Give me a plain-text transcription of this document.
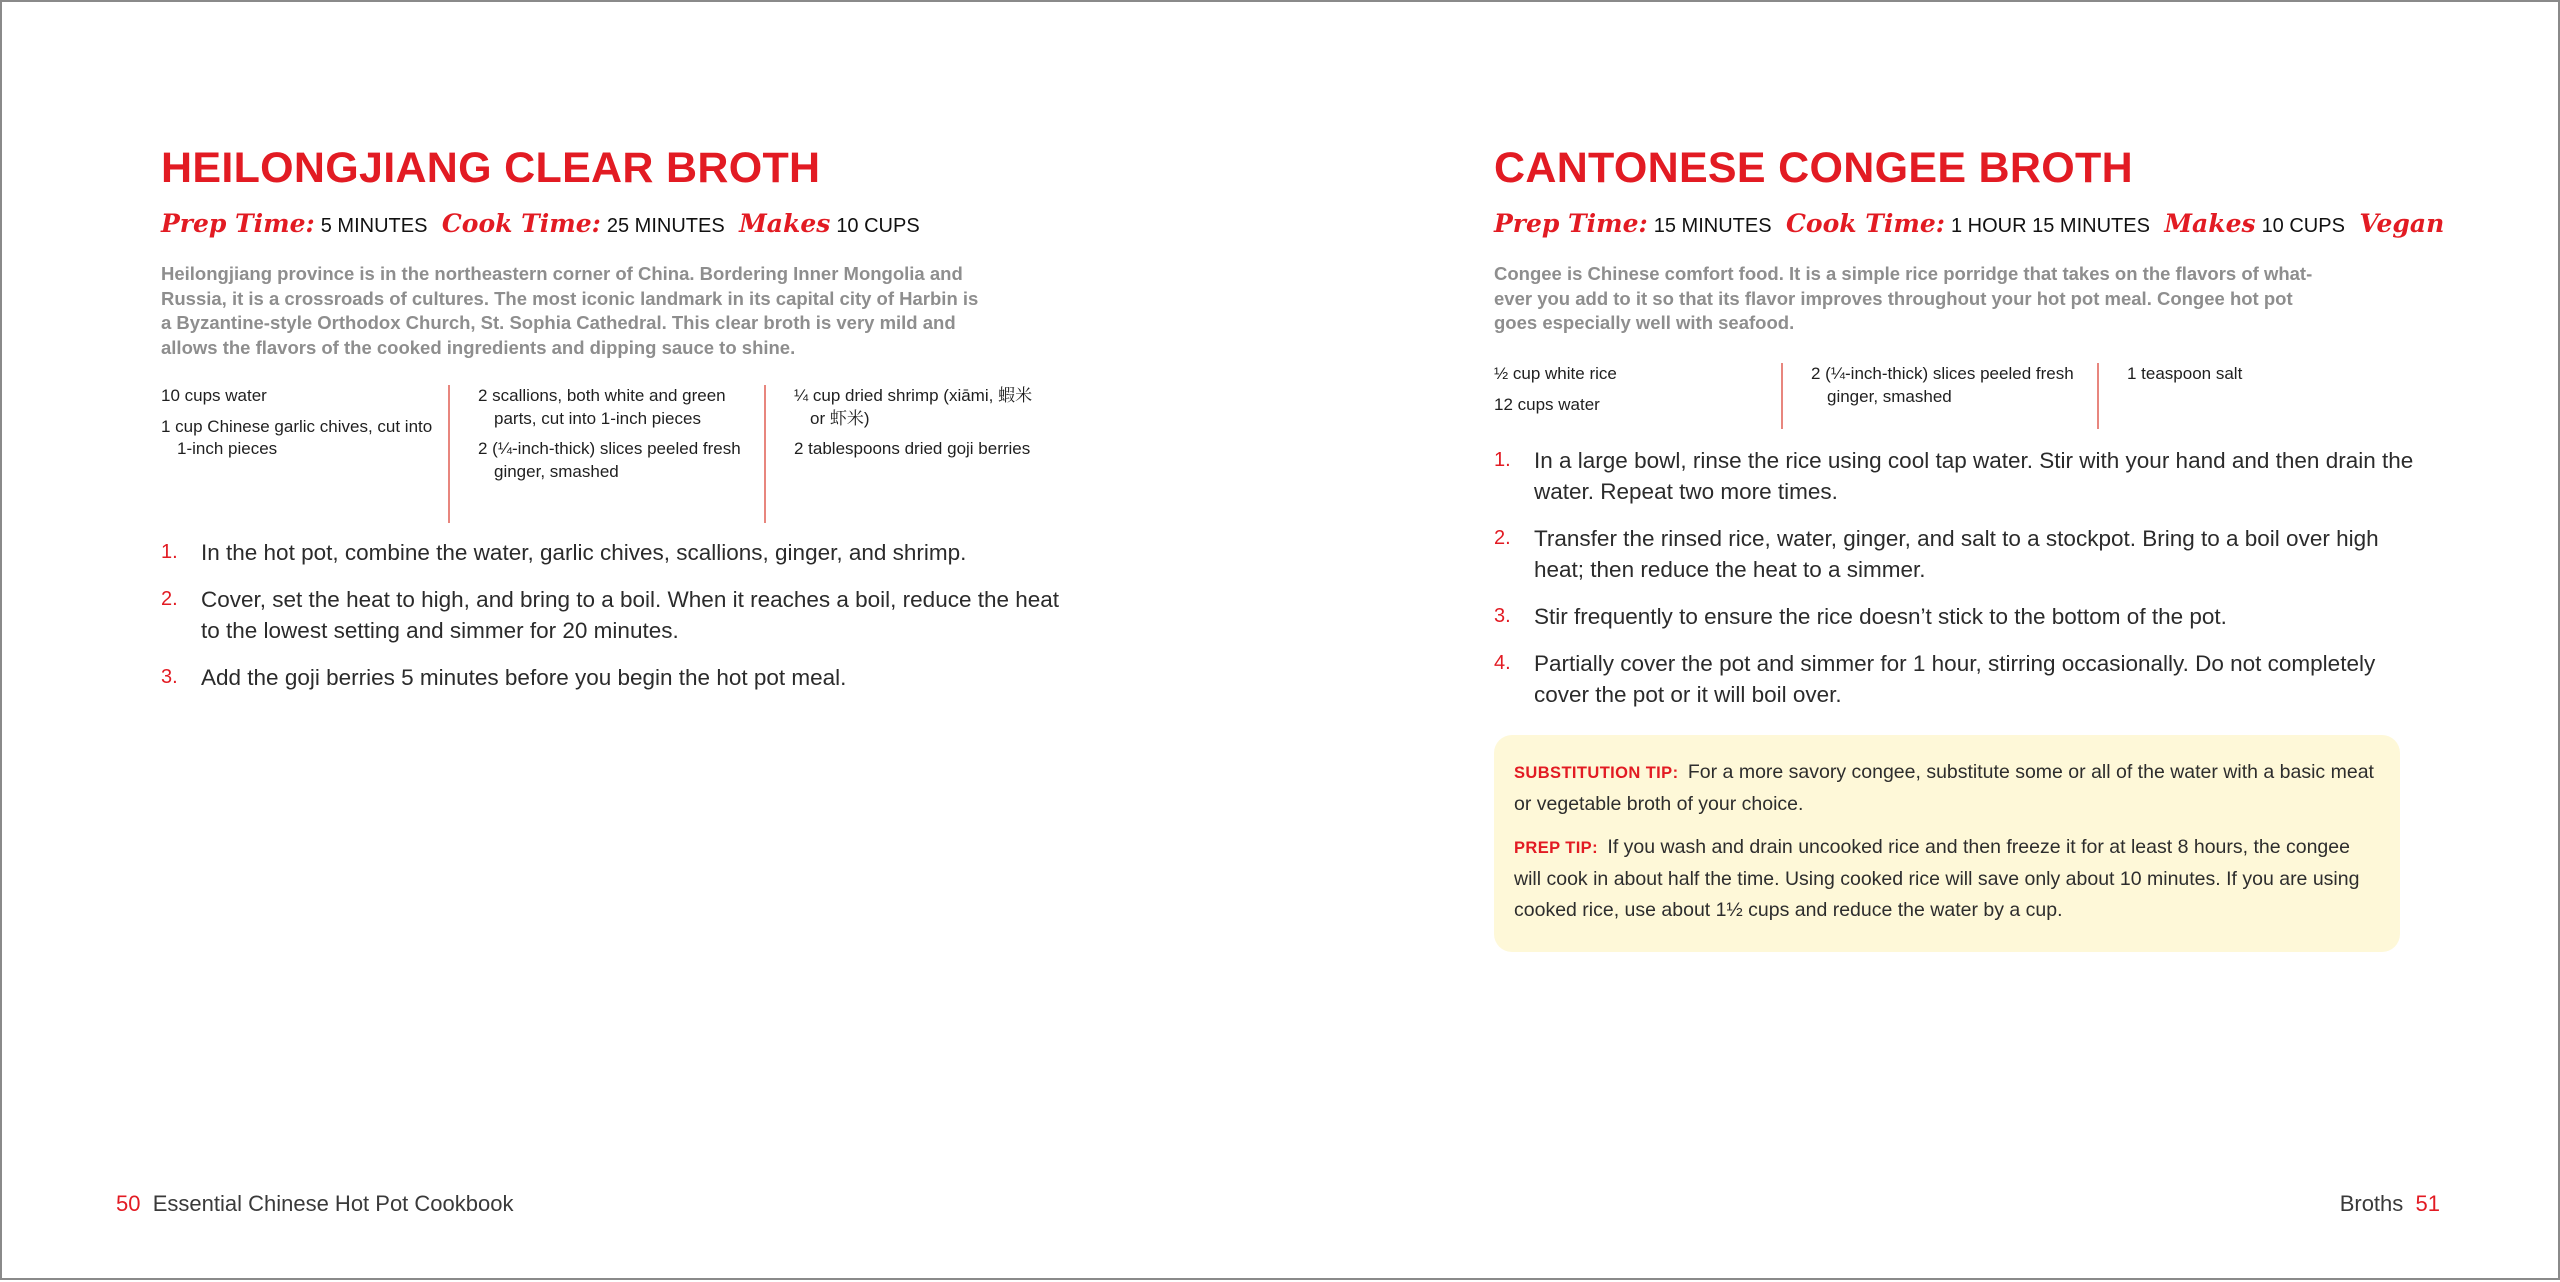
HEILONGJIANG CLEAR BROTH
Prep Time: 5 MINUTES Cook Time: 25 MINUTES Makes 10 CUPS
Heilongjiang province is in the northeastern corner of China. Bordering Inner Mongolia and
Russia, it is a crossroads of cultures. The most iconic landmark in its capital city of Harbin is
a Byzantine-style Orthodox Church, St. Sophia Cathedral. This clear broth is very mild and
allows the flavors of the cooked ingredients and dipping sauce to shine.
10 cups water
1 cup Chinese garlic chives, cut into 1-inch pieces
2 scallions, both white and green parts, cut into 1-inch pieces
2 (¼-inch-thick) slices peeled fresh ginger, smashed
¼ cup dried shrimp (xiāmi, 蝦米 or 虾米)
2 tablespoons dried goji berries
1.	In the hot pot, combine the water, garlic chives, scallions, ginger, and shrimp.
2.	Cover, set the heat to high, and bring to a boil. When it reaches a boil, reduce the heat to the lowest setting and simmer for 20 minutes.
3.	Add the goji berries 5 minutes before you begin the hot pot meal.
50 Essential Chinese Hot Pot Cookbook
CANTONESE CONGEE BROTH
Prep Time: 15 MINUTES Cook Time: 1 HOUR 15 MINUTES Makes 10 CUPS Vegan
Congee is Chinese comfort food. It is a simple rice porridge that takes on the flavors of what-
ever you add to it so that its flavor improves throughout your hot pot meal. Congee hot pot
goes especially well with seafood.
½ cup white rice
12 cups water
2 (¼-inch-thick) slices peeled fresh ginger, smashed
1 teaspoon salt
1.	In a large bowl, rinse the rice using cool tap water. Stir with your hand and then drain the water. Repeat two more times.
2.	Transfer the rinsed rice, water, ginger, and salt to a stockpot. Bring to a boil over high heat; then reduce the heat to a simmer.
3.	Stir frequently to ensure the rice doesn’t stick to the bottom of the pot.
4.	Partially cover the pot and simmer for 1 hour, stirring occasionally. Do not completely cover the pot or it will boil over.
SUBSTITUTION TIP: For a more savory congee, substitute some or all of the water with a basic meat or vegetable broth of your choice.
PREP TIP: If you wash and drain uncooked rice and then freeze it for at least 8 hours, the congee will cook in about half the time. Using cooked rice will save only about 10 minutes. If you are using cooked rice, use about 1½ cups and reduce the water by a cup.
Broths 51
